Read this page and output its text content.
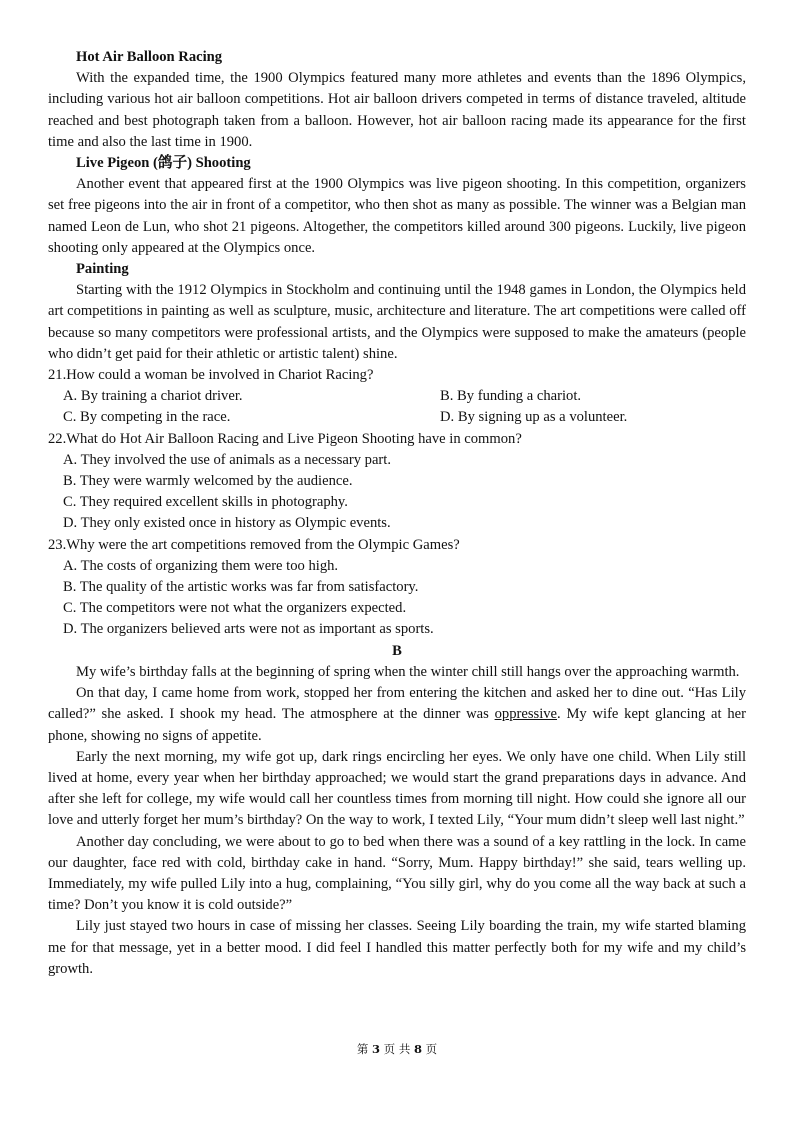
Hot Air Balloon Racing
With the expanded time, the 1900 Olympics featured many more athletes and events than the 1896 Olympics, including various hot air balloon competitions. Hot air balloon drivers competed in terms of distance traveled, altitude reached and best photograph taken from a balloon. However, hot air balloon racing made its appearance for the first time and also the last time in 1900.
Live Pigeon (鸽子) Shooting
Another event that appeared first at the 1900 Olympics was live pigeon shooting. In this competition, organizers   set free pigeons into the air in front of a competitor, who then shot as many as possible. The winner was a Belgian man named Leon de Lun, who shot 21 pigeons. Altogether, the competitors killed around 300 pigeons. Luckily, live pigeon shooting only appeared at the Olympics once.
Painting
Starting with the 1912 Olympics in Stockholm and continuing until the 1948 games in London, the Olympics held art competitions in painting as well as sculpture, music, architecture and literature. The art competitions were called off because so many competitors were professional artists, and the Olympics were supposed to make the amateurs (people who didn’t get paid for their athletic or artistic talent) shine.
21.How could a woman be involved in Chariot Racing?
A. By training a chariot driver.	B. By funding a chariot.
C. By competing in the race.	D. By signing up as a volunteer.
22.What do Hot Air Balloon Racing and Live Pigeon Shooting have in common?
A. They involved the use of animals as a necessary part.
B. They were warmly welcomed by the audience.
C. They required excellent skills in photography.
D. They only existed once in history as Olympic events.
23.Why were the art competitions removed from the Olympic Games?
A. The costs of organizing them were too high.
B. The quality of the artistic works was far from satisfactory.
C. The competitors were not what the organizers expected.
D. The organizers believed arts were not as important as sports.
B
My wife’s birthday falls at the beginning of spring when the winter chill still hangs over the approaching warmth.
On that day, I came home from work, stopped her from entering the kitchen and asked her to dine out. “Has Lily called?” she asked. I shook my head. The atmosphere at the dinner was oppressive. My wife kept glancing at her phone, showing no signs of appetite.
Early the next morning, my wife got up, dark rings encircling her eyes. We only have one child. When Lily still lived at home, every year when her birthday approached; we would start the grand preparations days in advance. And after she left for college, my wife would call her countless times from morning till night. How could she ignore all our love and utterly forget her mum’s birthday? On the way to work, I texted Lily, “Your mum didn’t sleep well last night.”
Another day concluding, we were about to go to bed when there was a sound of a key rattling in the lock. In came our daughter, face red with cold, birthday cake in hand. “Sorry, Mum. Happy birthday!” she said, tears welling up. Immediately, my wife pulled Lily into a hug, complaining, “You silly girl, why do you come all the way back at such a time? Don’t you know it is cold outside?”
Lily just stayed two hours in case of missing her classes. Seeing Lily boarding the train, my wife started blaming me for that message, yet in a better mood. I did feel I handled this matter perfectly both for my wife and my child’s growth.
第 3 页 共 8 页
